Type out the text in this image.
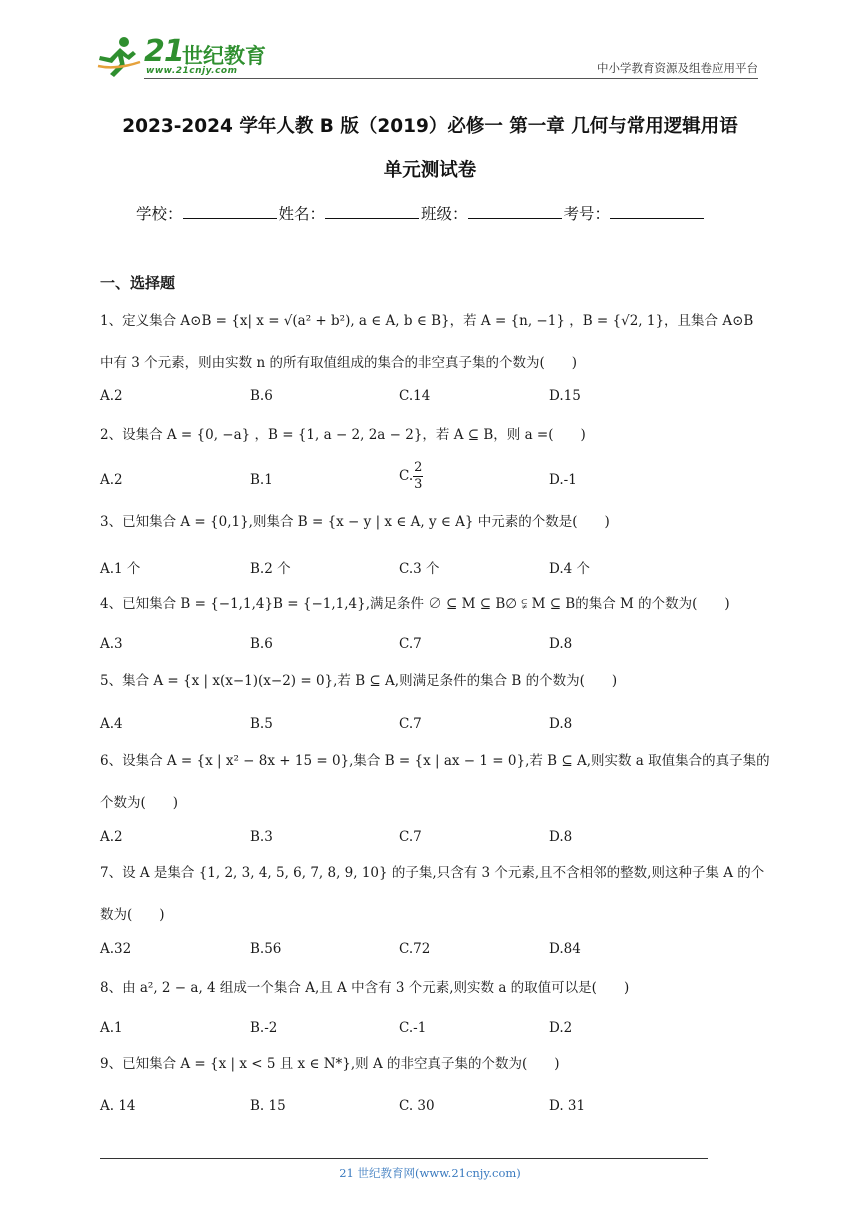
21
世纪教育
www.21cnjy.com	中小学教育资源及组卷应用平台
2023-2024 学年人教 B 版（2019）必修一 第一章 几何与常用逻辑用语
单元测试卷
学校：	姓名：	班级：	考号：
一、选择题
1、定义集合 A⊙B = {x| x = √(a² + b²), a ∈ A, b ∈ B}，若 A = {n, −1} ，B = {√2, 1}，且集合 A⊙B
中有 3 个元素，则由实数 n 的所有取值组成的集合的非空真子集的个数为(　　)
A.2	B.6	C.14	D.15
2、设集合 A = {0, −a} ，B = {1, a − 2, 2a − 2}，若 A ⊆ B，则 a =(　　)
A.2	B.1	C. $\frac{2}{3}$	D.-1
3、已知集合 A = {0,1},则集合 B = {x − y | x ∈ A, y ∈ A} 中元素的个数是(　　)
A.1 个	B.2 个	C.3 个	D.4 个
4、已知集合 B = {−1,1,4}B = {−1,1,4},满足条件 ∅ ⊆ M ⊆ B∅ ⫋ M ⊆ B的集合 M 的个数为(　　)
A.3	B.6	C.7	D.8
5、集合 A = {x | x(x−1)(x−2) = 0},若 B ⊆ A,则满足条件的集合 B 的个数为(　　)
A.4	B.5	C.7	D.8
6、设集合 A = {x | x² − 8x + 15 = 0},集合 B = {x | ax − 1 = 0},若 B ⊆ A,则实数 a 取值集合的真子集的
个数为(　　)
A.2	B.3	C.7	D.8
7、设 A 是集合 {1, 2, 3, 4, 5, 6, 7, 8, 9, 10} 的子集,只含有 3 个元素,且不含相邻的整数,则这种子集 A 的个
数为(　　)
A.32	B.56	C.72	D.84
8、由 a², 2 − a, 4 组成一个集合 A,且 A 中含有 3 个元素,则实数 a 的取值可以是(　　)
A.1	B.-2	C.-1	D.2
9、已知集合 A = {x | x < 5 且 x ∈ N*},则 A 的非空真子集的个数为(　　)
A. 14	B. 15	C. 30	D. 31
21 世纪教育网(www.21cnjy.com)
